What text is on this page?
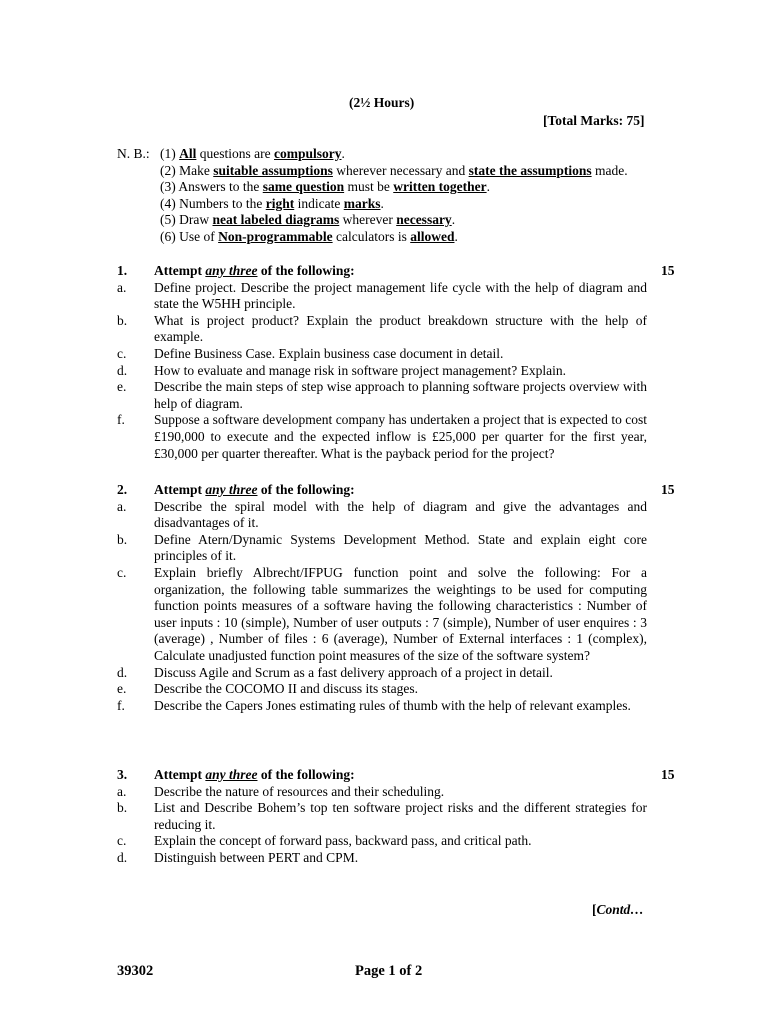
(2½ Hours)
[Total Marks: 75]
N. B.: (1) All questions are compulsory.
(2) Make suitable assumptions wherever necessary and state the assumptions made.
(3) Answers to the same question must be written together.
(4) Numbers to the right indicate marks.
(5) Draw neat labeled diagrams wherever necessary.
(6) Use of Non-programmable calculators is allowed.
1.	Attempt any three of the following:
a.	Define project. Describe the project management life cycle with the help of diagram and state the W5HH principle.
b.	What is project product? Explain the product breakdown structure with the help of example.
c.	Define Business Case. Explain business case document in detail.
d.	How to evaluate and manage risk in software project management? Explain.
e.	Describe the main steps of step wise approach to planning software projects overview with help of diagram.
f.	Suppose a software development company has undertaken a project that is expected to cost £190,000 to execute and the expected inflow is £25,000 per quarter for the first year, £30,000 per quarter thereafter. What is the payback period for the project?
15
2.	Attempt any three of the following:
a.	Describe the spiral model with the help of diagram and give the advantages and disadvantages of it.
b.	Define Atern/Dynamic Systems Development Method. State and explain eight core principles of it.
c.	Explain briefly Albrecht/IFPUG function point and solve the following: For a organization, the following table summarizes the weightings to be used for computing function points measures of a software having the following characteristics : Number of user inputs : 10 (simple), Number of user outputs : 7 (simple), Number of user enquires : 3 (average) , Number of files : 6 (average), Number of External interfaces : 1 (complex), Calculate unadjusted function point measures of the size of the software system?
d.	Discuss Agile and Scrum as a fast delivery approach of a project in detail.
e.	Describe the COCOMO II and discuss its stages.
f.	Describe the Capers Jones estimating rules of thumb with the help of relevant examples.
15
3.	Attempt any three of the following:
a.	Describe the nature of resources and their scheduling.
b.	List and Describe Bohem’s top ten software project risks and the different strategies for reducing it.
c.	Explain the concept of forward pass, backward pass, and critical path.
d.	Distinguish between PERT and CPM.
15
[Contd…
39302	Page 1 of 2
